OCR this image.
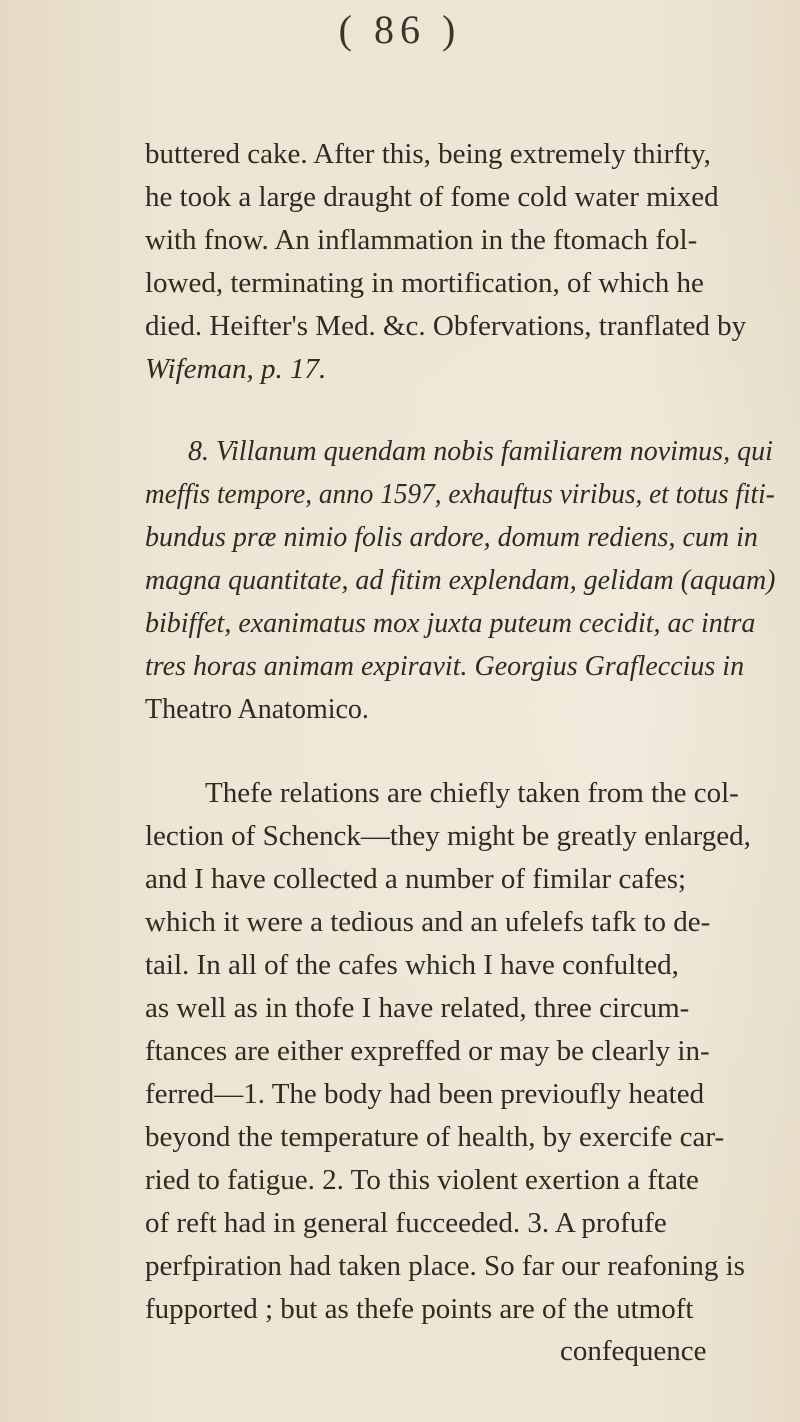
( 86 )
buttered cake. After this, being extremely thirfty,
he took a large draught of fome cold water mixed
with fnow. An inflammation in the ftomach fol-
lowed, terminating in mortification, of which he
died. Heifter's Med. &c. Obfervations, tranflated by
Wifeman, p. 17.
8. Villanum quendam nobis familiarem novimus, qui
meffis tempore, anno 1597, exhauftus viribus, et totus fiti-
bundus præ nimio folis ardore, domum rediens, cum in
magna quantitate, ad fitim explendam, gelidam (aquam)
bibiffet, exanimatus mox juxta puteum cecidit, ac intra
tres horas animam expiravit. Georgius Grafleccius in
Theatro Anatomico.
Thefe relations are chiefly taken from the col-
lection of Schenck—they might be greatly enlarged,
and I have collected a number of fimilar cafes;
which it were a tedious and an ufelefs tafk to de-
tail. In all of the cafes which I have confulted,
as well as in thofe I have related, three circum-
ftances are either expreffed or may be clearly in-
ferred—1. The body had been previoufly heated
beyond the temperature of health, by exercife car-
ried to fatigue. 2. To this violent exertion a ftate
of reft had in general fucceeded. 3. A profufe
perfpiration had taken place. So far our reafoning is
fupported ; but as thefe points are of the utmoft
confequence
